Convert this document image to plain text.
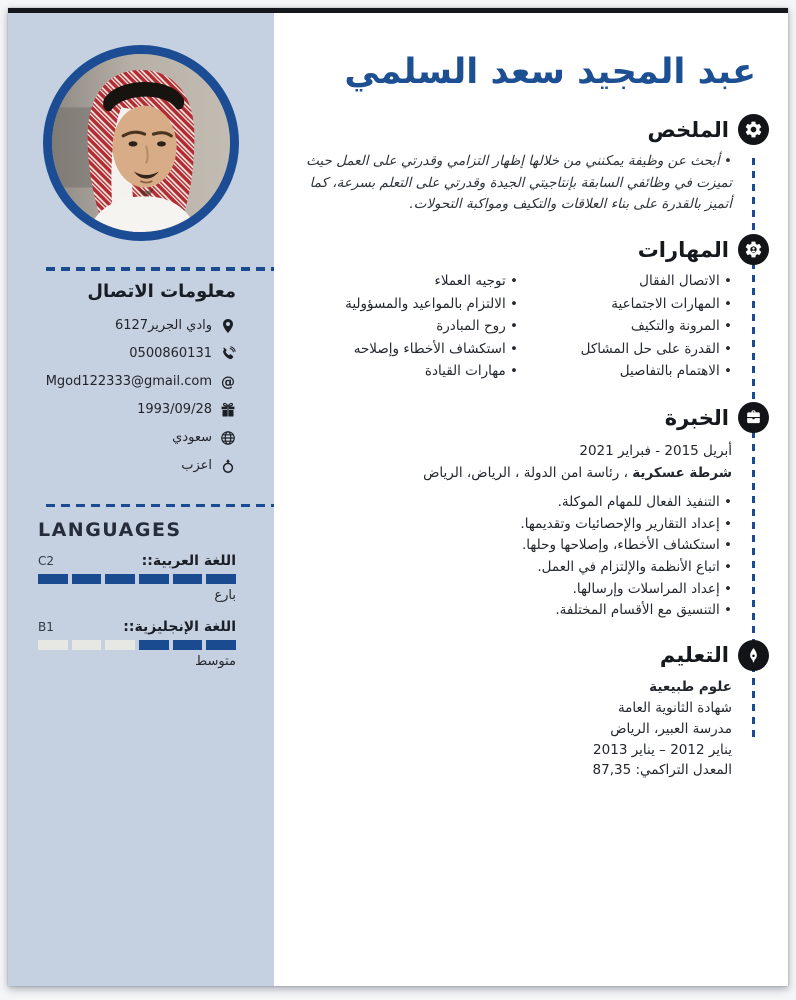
معلومات الاتصال
وادي الجرير6127
0500860131
@
Mgod122333@gmail.com
1993/09/28
سعودي
اعزب
LANGUAGES
اللغة العربية::
C2
بارع
اللغة الإنجليزية::
B1
متوسط
عبد المجيد سعد السلمي
الملخص
• أبحث عن وظيفة يمكنني من خلالها إظهار التزامي وقدرتي على العمل حيث تميزت في وظائفي السابقة بإنتاجيتي الجيدة وقدرتي على التعلم بسرعة، كما أتميز بالقدرة على بناء العلاقات والتكيف ومواكبة التحولات.
المهارات
• الاتصال الفقال
• المهارات الاجتماعية
• المرونة والتكيف
• القدرة على حل المشاكل
• الاهتمام بالتفاصيل
• توجيه العملاء
• الالتزام بالمواعيد والمسؤولية
• روح المبادرة
• استكشاف الأخطاء وإصلاحه
• مهارات القيادة
الخبرة
أبريل 2015 - فبراير 2021
شرطة عسكرية ، رئاسة امن الدولة ، الرياض، الرياض
• التنفيذ الفعال للمهام الموكلة.
• إعداد التقارير والإحصائيات وتقديمها.
• استكشاف الأخطاء، وإصلاحها وحلها.
• اتباع الأنظمة والإلتزام في العمل.
• إعداد المراسلات وإرسالها.
• التنسيق مع الأقسام المختلفة.
التعليم
علوم طبيعية
شهادة الثانوية العامة
مدرسة العبير، الرياض
يناير 2012 – يناير 2013
المعدل التراكمي: 87,35
